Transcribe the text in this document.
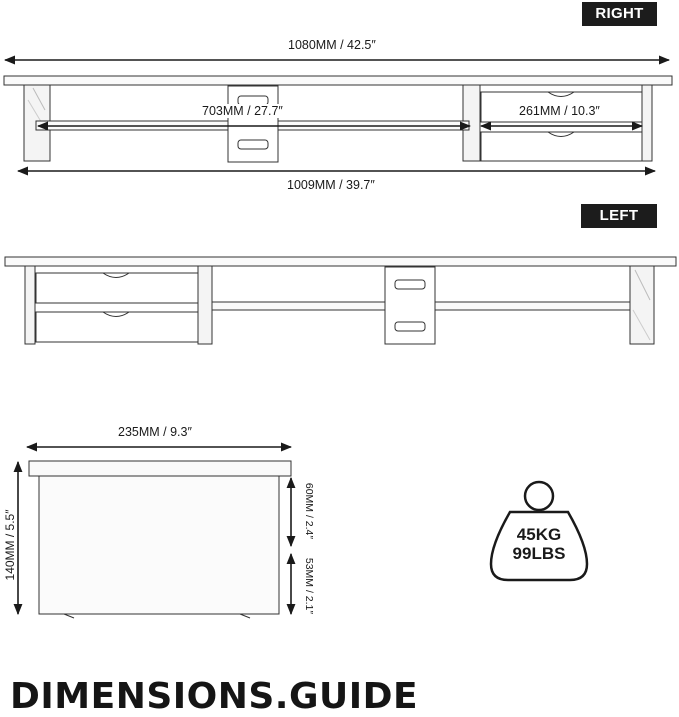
RIGHT
LEFT
1080MM / 42.5″
703MM / 27.7″	261MM / 10.3″
1009MM / 39.7″
235MM / 9.3″
140MM / 5.5″	60MM / 2.4″
53MM / 2.1″
45KG
99LBS
DIMENSIONS.GUIDE
